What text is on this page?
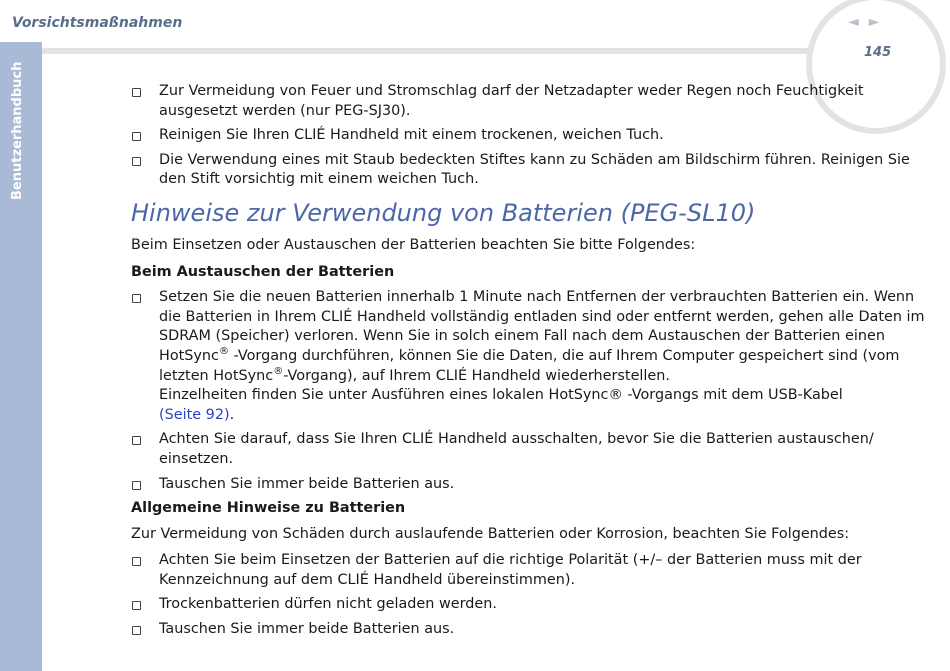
Benutzerhandbuch
Vorsichtsmaßnahmen	◄►
145
Zur Vermeidung von Feuer und Stromschlag darf der Netzadapter weder Regen noch Feuchtigkeit ausgesetzt werden (nur PEG-SJ30).
Reinigen Sie Ihren CLIÉ Handheld mit einem trockenen, weichen Tuch.
Die Verwendung eines mit Staub bedeckten Stiftes kann zu Schäden am Bildschirm führen. Reinigen Sie den Stift vorsichtig mit einem weichen Tuch.
Hinweise zur Verwendung von Batterien (PEG-SL10)

Beim Einsetzen oder Austauschen der Batterien beachten Sie bitte Folgendes:

Beim Austauschen der Batterien

Setzen Sie die neuen Batterien innerhalb 1 Minute nach Entfernen der verbrauchten Batterien ein. Wenn die Batterien in Ihrem CLIÉ Handheld vollständig entladen sind oder entfernt werden, gehen alle Daten im SDRAM (Speicher) verloren. Wenn Sie in solch einem Fall nach dem Austauschen der Batterien einen HotSync® -Vorgang durchführen, können Sie die Daten, die auf Ihrem Computer gespeichert sind (vom letzten HotSync®-Vorgang), auf Ihrem CLIÉ Handheld wiederherstellen.
Einzelheiten finden Sie unter Ausführen eines lokalen HotSync® -Vorgangs mit dem USB-Kabel
(Seite 92).
Achten Sie darauf, dass Sie Ihren CLIÉ Handheld ausschalten, bevor Sie die Batterien austauschen/ einsetzen.
Tauschen Sie immer beide Batterien aus.

Allgemeine Hinweise zu Batterien

Zur Vermeidung von Schäden durch auslaufende Batterien oder Korrosion, beachten Sie Folgendes:

Achten Sie beim Einsetzen der Batterien auf die richtige Polarität (+/– der Batterien muss mit der Kennzeichnung auf dem CLIÉ Handheld übereinstimmen).
Trockenbatterien dürfen nicht geladen werden.
Tauschen Sie immer beide Batterien aus.
